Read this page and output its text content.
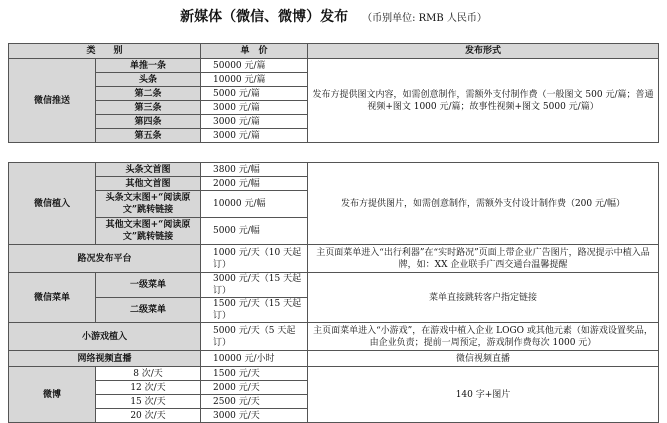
新媒体（微信、微博）发布 （币别单位: RMB 人民币）
类　　别		单　价	发布形式
微信推送	单推一条	50000 元/篇	发布方提供图文内容，如需创意制作，需额外支付制作费（一般图文 500 元/篇；普通视频+图文 1000 元/篇；故事性视频+图文 5000 元/篇）
	头条	10000 元/篇	
	第二条	5000 元/篇	
	第三条	3000 元/篇	
	第四条	3000 元/篇	
	第五条	3000 元/篇	
微信植入	头条文首图	3800 元/幅	发布方提供图片，如需创意制作，需额外支付设计制作费（200 元/幅）
	其他文首图	2000 元/幅	
	头条文末图+“阅读原文”跳转链接	10000 元/幅	
	其他文末图+“阅读原文”跳转链接	5000 元/幅	
路况发布平台		1000 元/天（10 天起订）	主页面菜单进入“出行利器”在“实时路况”页面上带企业广告图片，路况提示中植入品牌，如：XX 企业联手广西交通台温馨提醒
微信菜单	一级菜单	3000 元/天（15 天起订）	菜单直接跳转客户指定链接
	二级菜单	1500 元/天（15 天起订）	
小游戏植入		5000 元/天（5 天起订）	主页面菜单进入“小游戏”，在游戏中植入企业 LOGO 或其他元素（如游戏设置奖品，由企业负责；提前一周预定，游戏制作费每次 1000 元）
网络视频直播		10000 元/小时	微信视频直播
微博	8 次/天	1500 元/天	140 字+图片
	12 次/天	2000 元/天	
	15 次/天	2500 元/天	
	20 次/天	3000 元/天	
